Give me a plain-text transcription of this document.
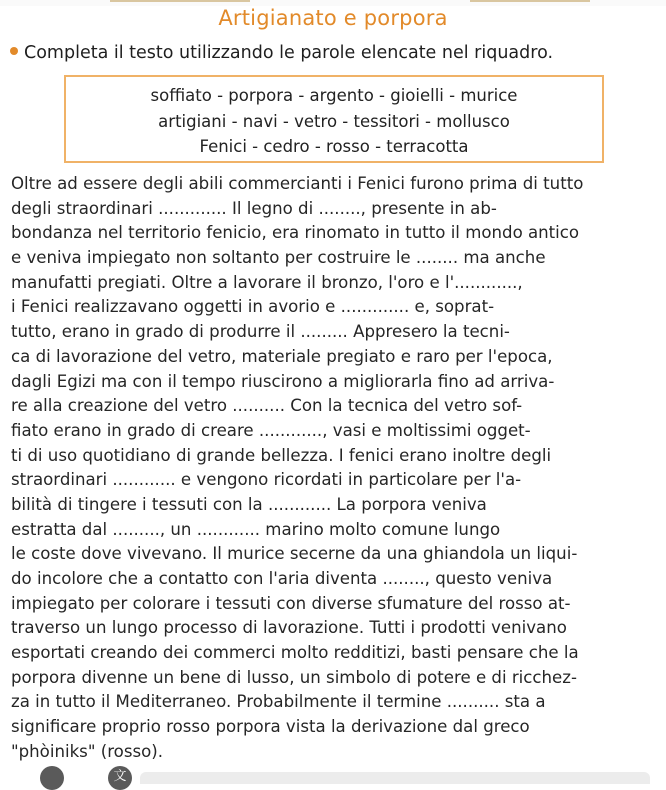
Artigianato e porpora
Completa il testo utilizzando le parole elencate nel riquadro.
soffiato - porpora - argento - gioielli - murice
artigiani - navi - vetro - tessitori - mollusco
Fenici - cedro - rosso - terracotta
Oltre ad essere degli abili commercianti i Fenici furono prima di tutto
degli straordinari ............. Il legno di ........, presente in ab-
bondanza nel territorio fenicio, era rinomato in tutto il mondo antico
e veniva impiegato non soltanto per costruire le ........ ma anche
manufatti pregiati. Oltre a lavorare il bronzo, l'oro e l'............,
i Fenici realizzavano oggetti in avorio e ............. e, soprat-
tutto, erano in grado di produrre il ......... Appresero la tecni-
ca di lavorazione del vetro, materiale pregiato e raro per l'epoca,
dagli Egizi ma con il tempo riuscirono a migliorarla fino ad arriva-
re alla creazione del vetro .......... Con la tecnica del vetro sof-
fiato erano in grado di creare ............, vasi e moltissimi ogget-
ti di uso quotidiano di grande bellezza. I fenici erano inoltre degli
straordinari ............ e vengono ricordati in particolare per l'a-
bilità di tingere i tessuti con la ............ La porpora veniva
estratta dal ........., un ............ marino molto comune lungo
le coste dove vivevano. Il murice secerne da una ghiandola un liqui-
do incolore che a contatto con l'aria diventa ........, questo veniva
impiegato per colorare i tessuti con diverse sfumature del rosso at-
traverso un lungo processo di lavorazione. Tutti i prodotti venivano
esportati creando dei commerci molto redditizi, basti pensare che la
porpora divenne un bene di lusso, un simbolo di potere e di ricchez-
za in tutto il Mediterraneo. Probabilmente il termine .......... sta a
significare proprio rosso porpora vista la derivazione dal greco
"phòiniks" (rosso).
文
